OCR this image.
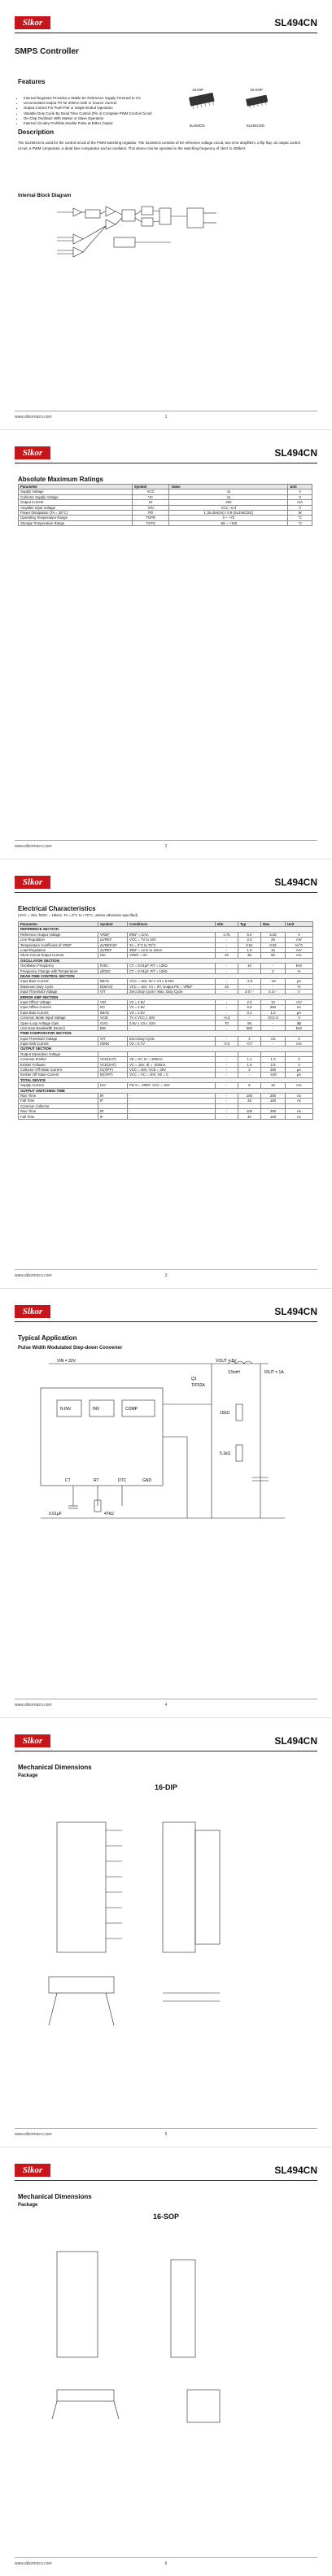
Slkor	SL494CN
SMPS Controller
Features
• Internal Regulator Provides a Stable 5V Reference Supply Trimmed to 1%
• Uncommitted Output TR for 200mA Sink or Source Current
• Output Control For Push-Pull or Single-Ended Operation
• Variable Duty Cycle By Dead Time Control (Pin 4) Complete PWM Control Circuit
• On-Chip Oscillator With Master or Slave Operation
• Internal Circuitry Prohibits Double Pulse at Either Output
16-DIP	16-SOP
SL494CN	SL494CDG
Description
The SL494CN is used for the control circuit of the PWM switching regulator. The SL494CN consists of 5V reference voltage circuit, two error amplifiers, a flip flop, an output control circuit, a PWM comparator, a dead time comparator and an oscillator. This device can be operated in the switching frequency of 1kHz to 300kHz.
Internal Block Diagram
www.slkormicro.com	1
Slkor	SL494CN
Absolute Maximum Ratings
Parameter	Symbol	Value	Unit
Supply Voltage	VCC	41	V
Collector Supply Voltage	VC	41	V
Output Current	IO	250	mA
Amplifier Input Voltage	VIN	VCC +0.3	V
Power Dissipation (TA = 25°C)	PD	1 (SL494CN) / 0.9 (SL494CDG)	W
Operating Temperature Range	TOPR	0 ~ +70	°C
Storage Temperature Range	TSTG	-65 ~ +150	°C
www.slkormicro.com	2
Slkor	SL494CN
Electrical Characteristics
(VCC = 15V, fOSC = 10kHz, TA = 0°C to +70°C, unless otherwise specified)
Parameter	Symbol	Conditions	Min	Typ	Max	Unit
REFERENCE SECTION						
Reference Output Voltage	VREF	IREF = 1mA	4.75	5.0	5.25	V
Line Regulation	ΔVREF	VCC = 7V to 40V	-	2.0	25	mV
Temperature Coefficient of VREF	ΔVREF/ΔT	TA = 0°C to 70°C	-	0.01	0.03	%/°C
Load Regulation	ΔVREF	IREF = 1mA to 10mA	-	1.0	15	mV
Short-Circuit Output Current	ISC	VREF = 0V	10	35	50	mA
OSCILLATOR SECTION						
Oscillation Frequency	fOSC	CT = 0.01μF, RT = 12kΩ	-	10	-	kHz
Frequency Change with Temperature	ΔfOSC	CT = 0.01μF, RT = 12kΩ	-	-	2	%
DEAD-TIME CONTROL SECTION						
Input Bias Current	IBIAS	VCC = 15V, 0V ≤ V4 ≤ 5.25V	-	-2.0	-10	μA
Maximum Duty Cycle	D(MAX)	VCC = 15V, V4 = 0V, Output Pin = VREF	45	-	-	%
Input Threshold Voltage	VIT	Zero Duty Cycle / Max. Duty Cycle	-	3.0 / -	3.3 / -	V
ERROR AMP SECTION						
Input Offset Voltage	VIO	V3 = 2.5V	-	2.0	10	mV
Input Offset Current	IIO	V3 = 2.5V	-	5.0	250	nA
Input Bias Current	IBIAS	V3 = 2.5V	-	0.1	1.0	μA
Common Mode Input Voltage	VCM	7V ≤ VCC ≤ 40V	-0.3	-	VCC-2	V
Open-Loop Voltage Gain	GVO	0.5V ≤ V3 ≤ 3.5V	70	95	-	dB
Unit-Gain Bandwidth (Note1)	BW	-	-	650	-	kHz
PWM COMPARATOR SECTION						
Input Threshold Voltage	VIT	Zero Duty Cycle	-	4	4.5	V
Input Sink Current	ISINK	V3 = 0.7V	-0.3	-0.7	-	mA
OUTPUT SECTION						
Output Saturation Voltage						
Common Emitter	VCE(SAT)	VE = 0V, IC = 200mA	-	1.1	1.3	V
Emitter Follower	VCE(SAT)	VC = 15V, IE = -200mA	-	1.5	2.5	V
Collector Off-State Current	IC(OFF)	VCC = 40V, VCE = 40V	-	2	100	μA
Emitter Off-State Current	IE(OFF)	VCC = VC = 40V, VE = 0	-	-	-100	μA
TOTAL DEVICE						
Supply Current	ICC	Pin 6 = VREF, VCC = 15V	-	6	10	mA
OUTPUT SWITCHING TIME						
Rise Time	tR	-	-	100	200	ns
Fall Time	tF	-	-	25	100	ns
Common Collector						
Rise Time	tR	-	-	100	200	ns
Fall Time	tF	-	-	40	100	ns
www.slkormicro.com	3
Slkor	SL494CN
Typical Application
Pulse Width Modulated Step-down Converter
VIN = 32V	VOUT = 5V
IOUT = 1A
Q1
TIP32A
3.5mH
150Ω
5.1kΩ
N.INV	INV	COMP
CT	RT	DTC	GND
0.01μF	47kΩ
www.slkormicro.com	4
Slkor	SL494CN
Mechanical Dimensions
Package
16-DIP
www.slkormicro.com	5
Slkor	SL494CN
Mechanical Dimensions
Package
16-SOP
www.slkormicro.com	6
